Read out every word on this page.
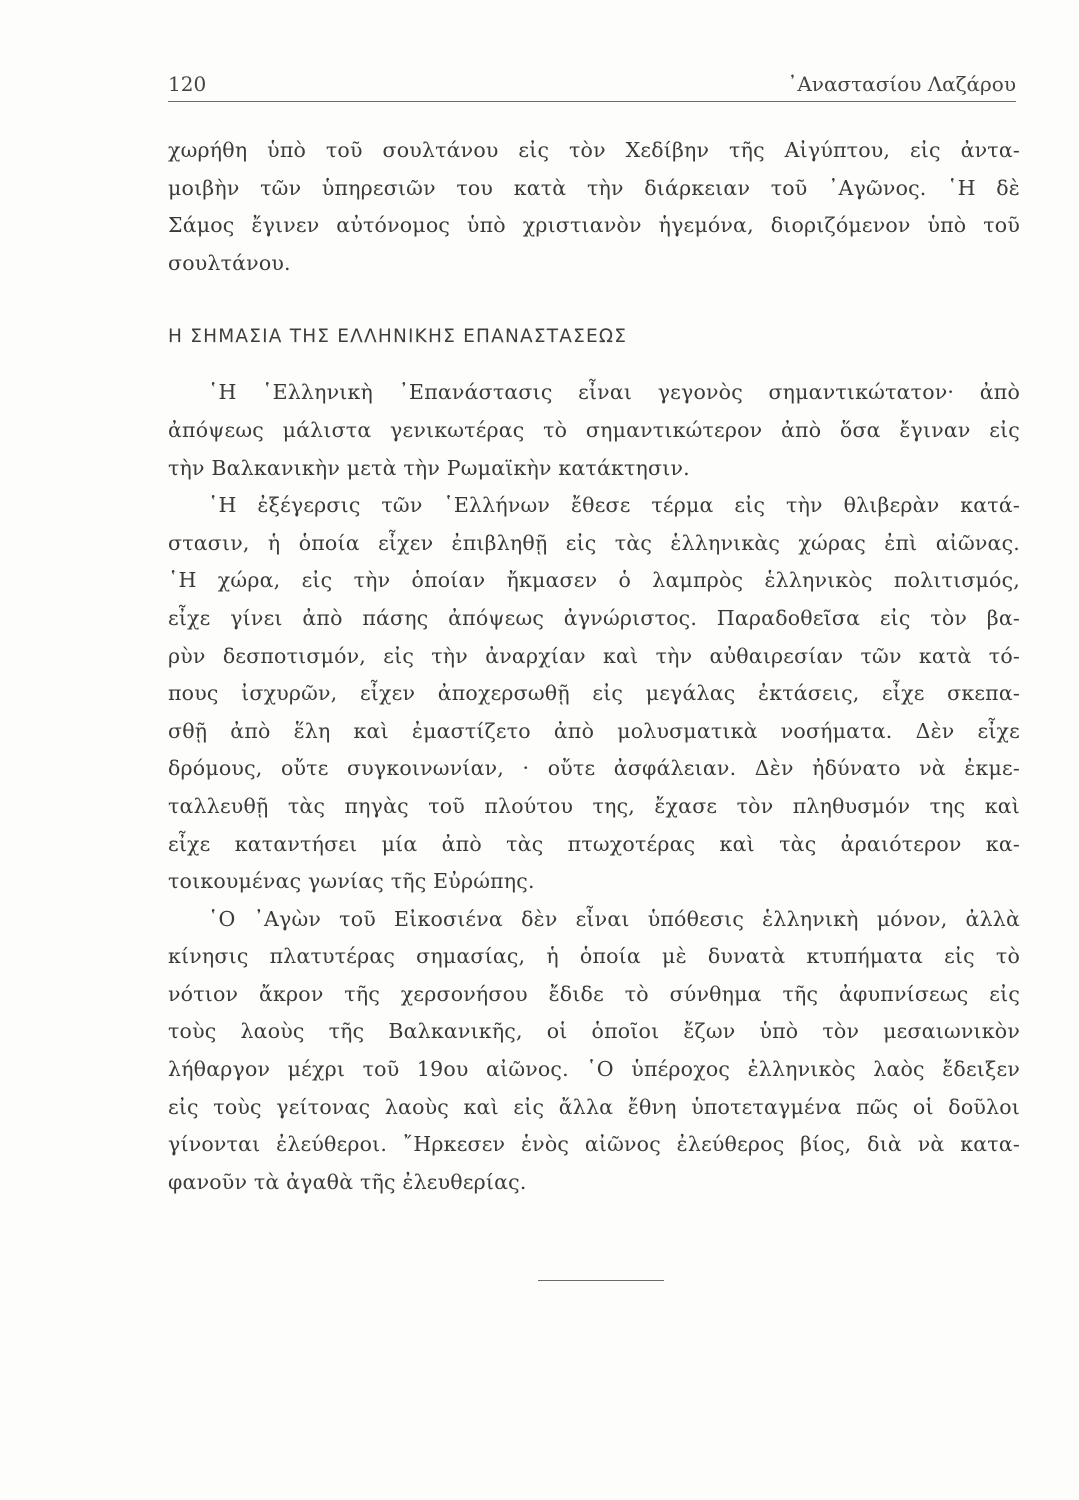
120	᾿Αναστασίου Λαζάρου
χωρήθη ὑπὸ τοῦ σουλτάνου εἰς τὸν Χεδίβην τῆς Αἰγύπτου, εἰς ἀντα-
μοιβὴν τῶν ὑπηρεσιῶν του κατὰ τὴν διάρκειαν τοῦ ᾿Αγῶνος. ῾Η δὲ
Σάμος ἔγινεν αὐτόνομος ὑπὸ χριστιανὸν ἡγεμόνα, διοριζόμενον ὑπὸ τοῦ
σουλτάνου.
Η ΣΗΜΑΣΙΑ ΤΗΣ ΕΛΛΗΝΙΚΗΣ ΕΠΑΝΑΣΤΑΣΕΩΣ
῾Η ῾Ελληνικὴ ᾿Επανάστασις εἶναι γεγονὸς σημαντικώτατον· ἀπὸ
ἀπόψεως μάλιστα γενικωτέρας τὸ σημαντικώτερον ἀπὸ ὅσα ἔγιναν εἰς
τὴν Βαλκανικὴν μετὰ τὴν Ρωμαϊκὴν κατάκτησιν.
῾Η ἐξέγερσις τῶν ῾Ελλήνων ἔθεσε τέρμα εἰς τὴν θλιβερὰν κατά-
στασιν, ἡ ὁποία εἶχεν ἐπιβληθῇ εἰς τὰς ἑλληνικὰς χώρας ἐπὶ αἰῶνας.
῾Η χώρα, εἰς τὴν ὁποίαν ἤκμασεν ὁ λαμπρὸς ἑλληνικὸς πολιτισμός,
εἶχε γίνει ἀπὸ πάσης ἀπόψεως ἀγνώριστος. Παραδοθεῖσα εἰς τὸν βα-
ρὺν δεσποτισμόν, εἰς τὴν ἀναρχίαν καὶ τὴν αὐθαιρεσίαν τῶν κατὰ τό-
πους ἰσχυρῶν, εἶχεν ἀποχερσωθῇ εἰς μεγάλας ἐκτάσεις, εἶχε σκεπα-
σθῇ ἀπὸ ἕλη καὶ ἐμαστίζετο ἀπὸ μολυσματικὰ νοσήματα. Δὲν εἶχε
δρόμους, οὔτε συγκοινωνίαν, · οὔτε ἀσφάλειαν. Δὲν ἠδύνατο νὰ ἐκμε-
ταλλευθῇ τὰς πηγὰς τοῦ πλούτου της, ἔχασε τὸν πληθυσμόν της καὶ
εἶχε καταντήσει μία ἀπὸ τὰς πτωχοτέρας καὶ τὰς ἀραιότερον κα-
τοικουμένας γωνίας τῆς Εὐρώπης.
῾Ο ᾿Αγὼν τοῦ Εἰκοσιένα δὲν εἶναι ὑπόθεσις ἑλληνικὴ μόνον, ἀλλὰ
κίνησις πλατυτέρας σημασίας, ἡ ὁποία μὲ δυνατὰ κτυπήματα εἰς τὸ
νότιον ἄκρον τῆς χερσονήσου ἔδιδε τὸ σύνθημα τῆς ἀφυπνίσεως εἰς
τοὺς λαοὺς τῆς Βαλκανικῆς, οἱ ὁποῖοι ἔζων ὑπὸ τὸν μεσαιωνικὸν
λήθαργον μέχρι τοῦ 19ου αἰῶνος. ῾Ο ὑπέροχος ἑλληνικὸς λαὸς ἔδειξεν
εἰς τοὺς γείτονας λαοὺς καὶ εἰς ἄλλα ἔθνη ὑποτεταγμένα πῶς οἱ δοῦλοι
γίνονται ἐλεύθεροι. ῎Ηρκεσεν ἑνὸς αἰῶνος ἐλεύθερος βίος, διὰ νὰ κατα-
φανοῦν τὰ ἀγαθὰ τῆς ἐλευθερίας.
